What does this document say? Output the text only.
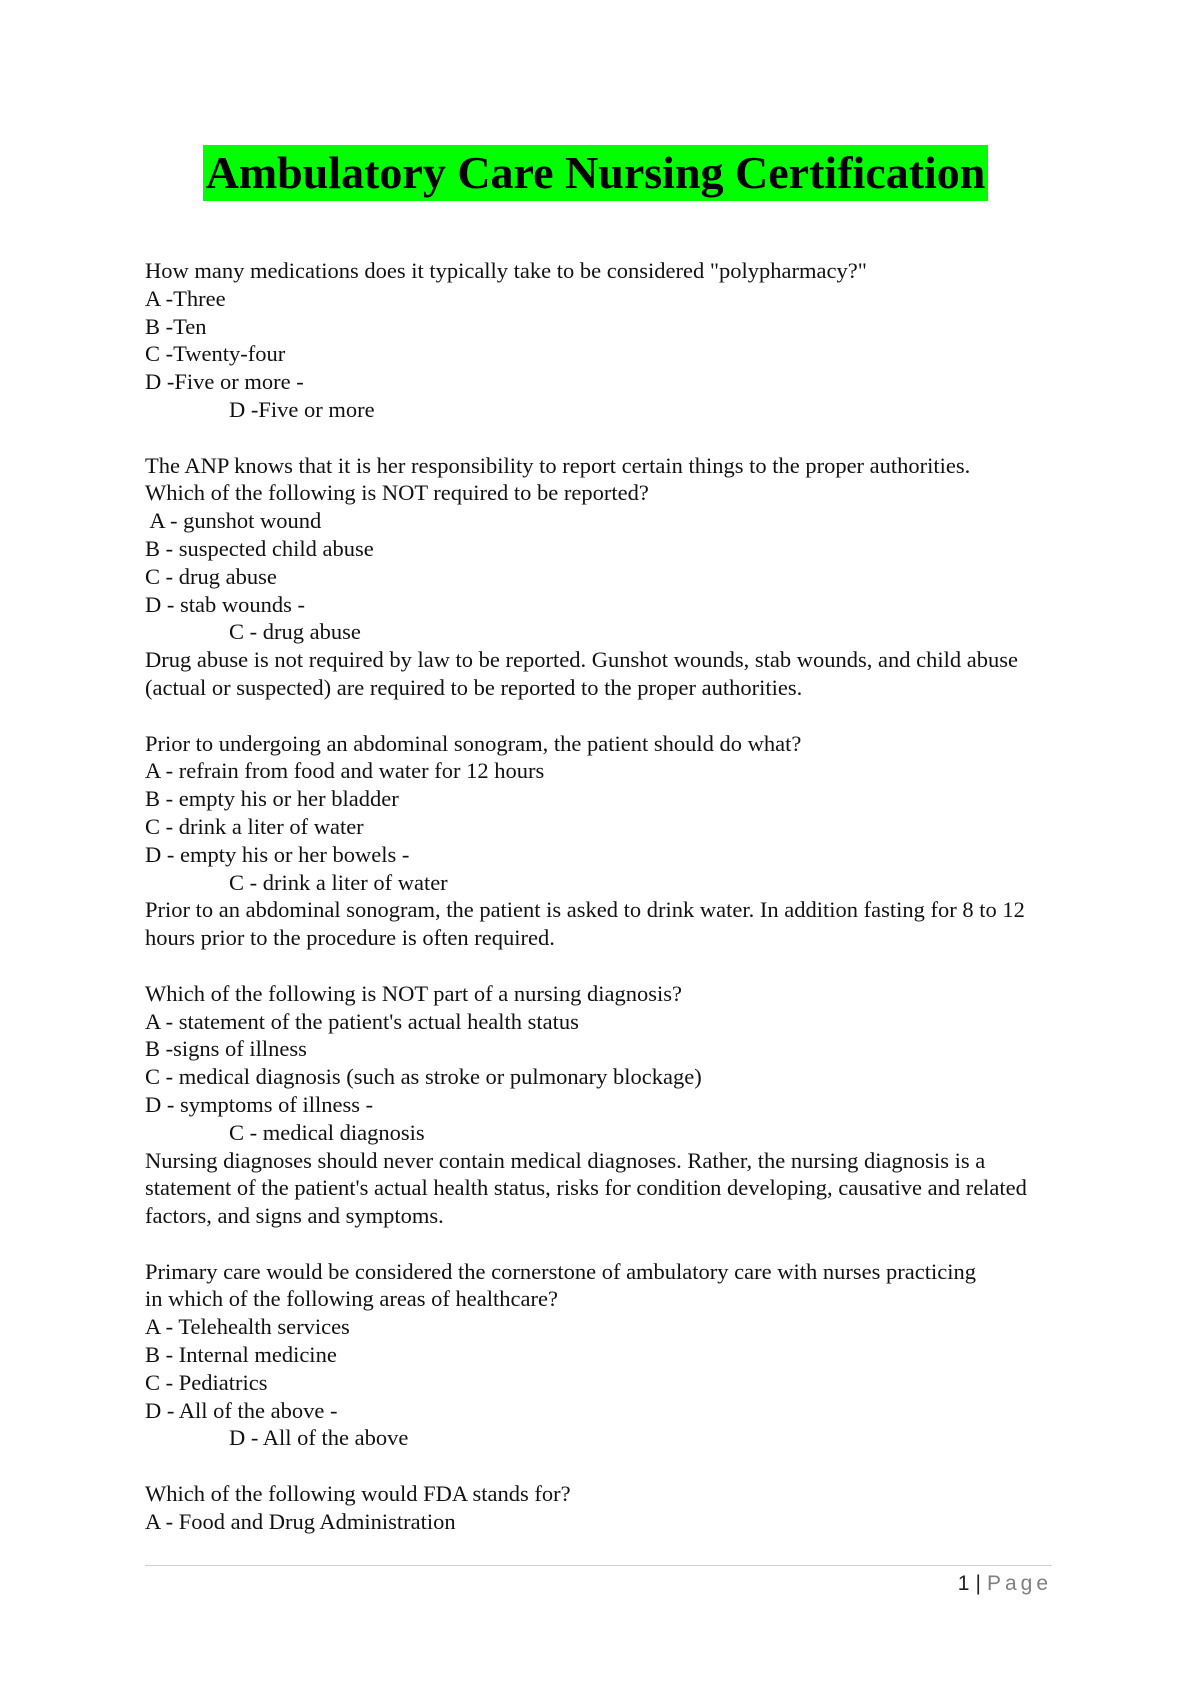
Ambulatory Care Nursing Certification
How many medications does it typically take to be considered "polypharmacy?"
A -Three
B -Ten
C -Twenty-four
D -Five or more -
D -Five or more
The ANP knows that it is her responsibility to report certain things to the proper authorities.
Which of the following is NOT required to be reported?
A - gunshot wound
B - suspected child abuse
C - drug abuse
D - stab wounds -
C - drug abuse
Drug abuse is not required by law to be reported. Gunshot wounds, stab wounds, and child abuse (actual or suspected) are required to be reported to the proper authorities.
Prior to undergoing an abdominal sonogram, the patient should do what?
A - refrain from food and water for 12 hours
B - empty his or her bladder
C - drink a liter of water
D - empty his or her bowels -
C - drink a liter of water
Prior to an abdominal sonogram, the patient is asked to drink water. In addition fasting for 8 to 12 hours prior to the procedure is often required.
Which of the following is NOT part of a nursing diagnosis?
A - statement of the patient's actual health status
B -signs of illness
C - medical diagnosis (such as stroke or pulmonary blockage)
D - symptoms of illness -
C - medical diagnosis
Nursing diagnoses should never contain medical diagnoses. Rather, the nursing diagnosis is a statement of the patient's actual health status, risks for condition developing, causative and related factors, and signs and symptoms.
Primary care would be considered the cornerstone of ambulatory care with nurses practicing
in which of the following areas of healthcare?
A - Telehealth services
B - Internal medicine
C - Pediatrics
D - All of the above -
D - All of the above
Which of the following would FDA stands for?
A - Food and Drug Administration
1 | Page
